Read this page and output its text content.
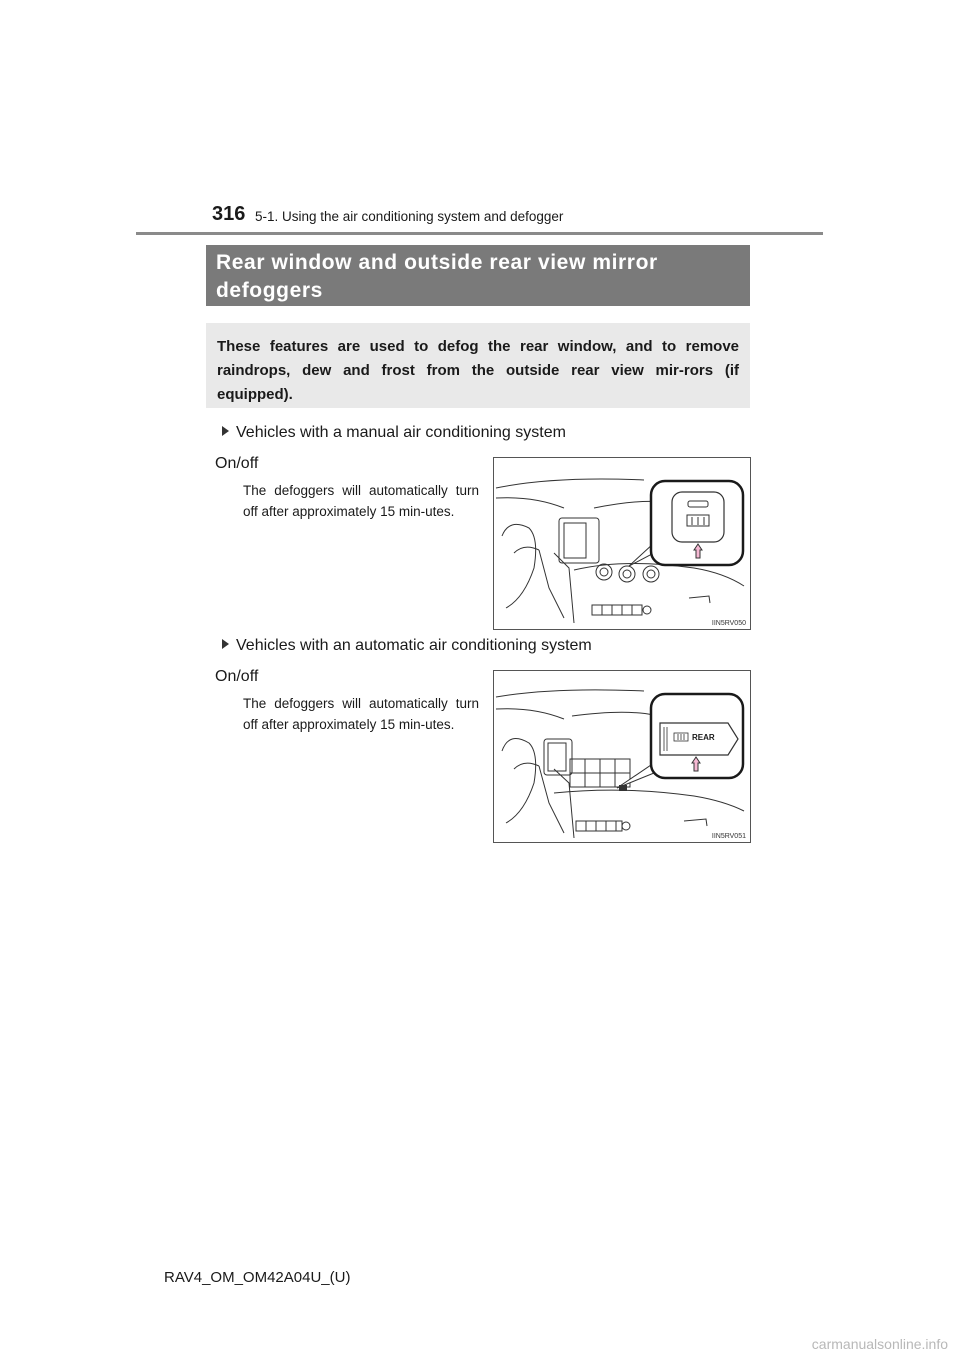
316 5-1. Using the air conditioning system and defogger
Rear window and outside rear view mirror defoggers
These features are used to defog the rear window, and to remove raindrops, dew and frost from the outside rear view mir-rors (if equipped).
Vehicles with a manual air conditioning system
On/off
The defoggers will automatically turn off after approximately 15 min-utes.
IIN5RV050
Vehicles with an automatic air conditioning system
On/off
The defoggers will automatically turn off after approximately 15 min-utes.
REAR
IIN5RV051
RAV4_OM_OM42A04U_(U)
carmanualsonline.info
